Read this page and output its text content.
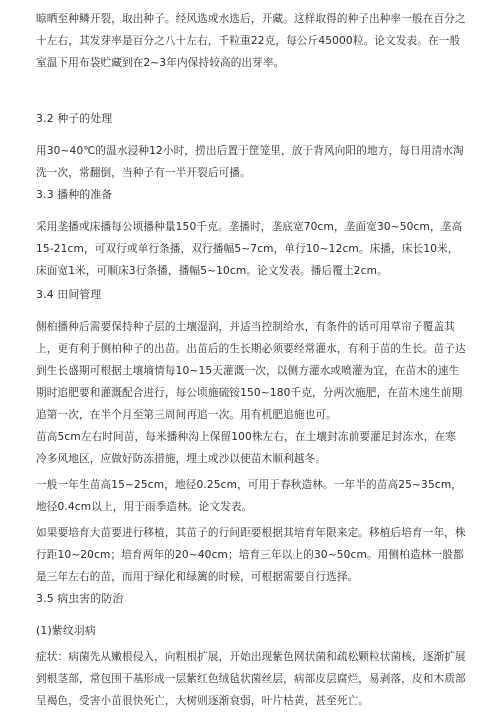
晾晒至种鳞开裂，取出种子。经风选或水选后，开藏。这样取得的种子出种率一般在百分之十左右，其发芽率是百分之八十左右，千粒重22克，每公斤45000粒。论文发表。在一般室温下用布袋贮藏到在2~3年内保持较高的出芽率。
3.2 种子的处理
用30~40℃的温水浸种12小时，捞出后置于筐笼里，放于背风向阳的地方，每日用清水淘洗一次，常翻倒，当种子有一半开裂后可播。
3.3 播种的准备
采用垄播或床播每公顷播种量150千克。垄播时，垄底宽70cm，垄面宽30~50cm，垄高15-21cm，可双行或单行条播，双行播幅5~7cm，单行10~12cm。床播，床长10米，床面宽1米，可顺床3行条播，播幅5~10cm。论文发表。播后覆土2cm。
3.4 田间管理
侧柏播种后需要保持种子层的土壤湿润，并适当控制给水，有条件的话可用草帘子覆盖其上，更有利于侧柏种子的出苗。出苗后的生长期必须要经常灌水，有利于苗的生长。苗子达到生长盛期可根据土壤墒情每10~15天灌溉一次，以侧方灌水或喷灌为宜，在苗木的速生期时追肥要和灌溉配合进行，每公顷施硫铵150~180千克，分两次施肥，在苗木速生前期追第一次，在半个月至第三周间再追一次。用有机肥追施也可。
苗高5cm左右时间苗，每米播种沟上保留100株左右，在土壤封冻前要灌足封冻水，在寒冷多风地区，应做好防冻措施，埋土或沙以使苗木顺利越冬。
一般一年生苗高15~25cm，地径0.25cm，可用于春秋造林。一年半的苗高25~35cm，地径0.4cm以上，用于雨季造林。论文发表。
如果要培育大苗要进行移植，其苗子的行间距要根据其培育年限来定。移植后培育一年，株行距10~20cm；培育两年的20~40cm；培育三年以上的30~50cm。用侧柏造林一般都是三年左右的苗，而用于绿化和绿篱的时候，可根据需要自行选择。
3.5 病虫害的防治
(1)紫纹羽病
症状：病菌先从嫩根侵入，向粗根扩展，开始出现紫色网状菌和疏松颗粒状菌核，逐渐扩展到根茎部，常包围干基形成一层紫红色绒毡状菌丝层，病部皮层腐烂，易剥落，皮和木质部呈褐色，受害小苗很快死亡，大树则逐渐衰弱，叶片枯黄，甚至死亡。
